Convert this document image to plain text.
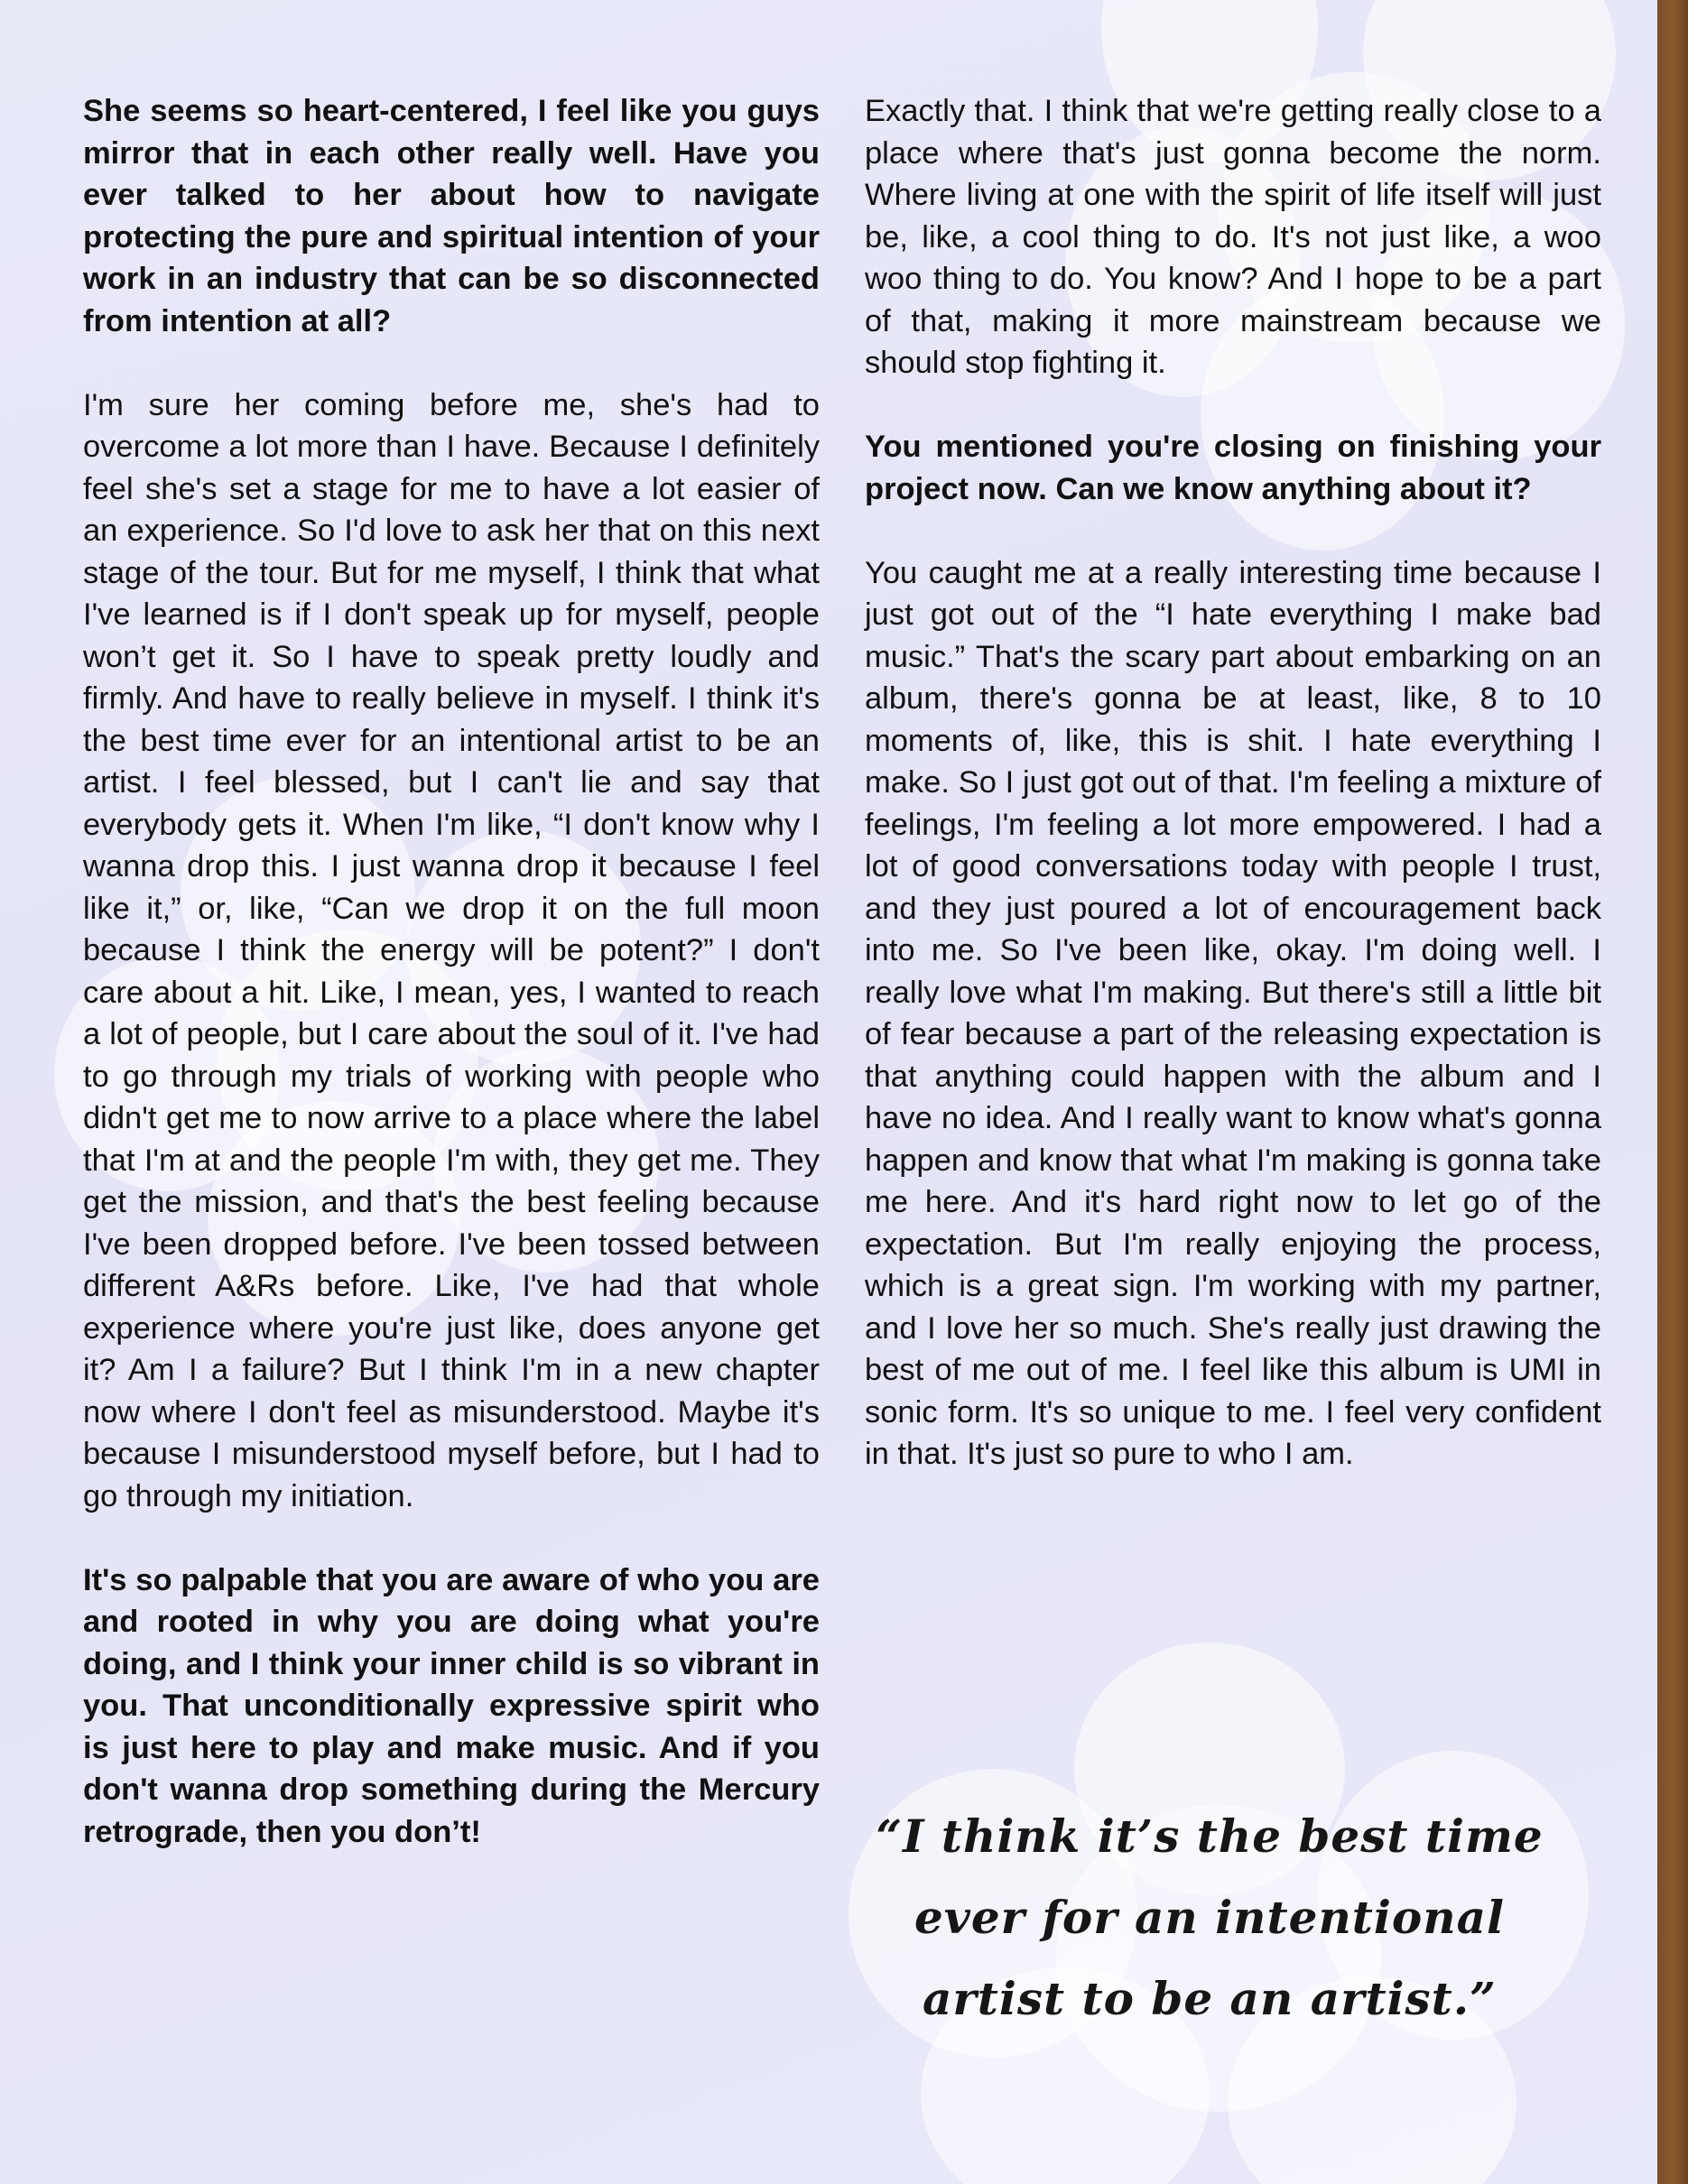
She seems so heart-centered, I feel like you guys mirror that in each other really well. Have you ever talked to her about how to navigate protecting the pure and spiritual intention of your work in an industry that can be so disconnected from intention at all?

I'm sure her coming before me, she's had to overcome a lot more than I have. Because I definitely feel she's set a stage for me to have a lot easier of an experience. So I'd love to ask her that on this next stage of the tour. But for me myself, I think that what I've learned is if I don't speak up for myself, people won’t get it. So I have to speak pretty loudly and firmly. And have to really believe in myself. I think it's the best time ever for an intentional artist to be an artist. I feel blessed, but I can't lie and say that everybody gets it. When I'm like, “I don't know why I wanna drop this. I just wanna drop it because I feel like it,” or, like, “Can we drop it on the full moon because I think the energy will be potent?” I don't care about a hit. Like, I mean, yes, I wanted to reach a lot of people, but I care about the soul of it. I've had to go through my trials of working with people who didn't get me to now arrive to a place where the label that I'm at and the people I'm with, they get me. They get the mission, and that's the best feeling because I've been dropped before. I've been tossed between different A&Rs before. Like, I've had that whole experience where you're just like, does anyone get it? Am I a failure? But I think I'm in a new chapter now where I don't feel as misunderstood. Maybe it's because I misunderstood myself before, but I had to go through my initiation.

It's so palpable that you are aware of who you are and rooted in why you are doing what you're doing, and I think your inner child is so vibrant in you. That unconditionally expressive spirit who is just here to play and make music. And if you don't wanna drop something during the Mercury retrograde, then you don’t!

Exactly that. I think that we're getting really close to a place where that's just gonna become the norm. Where living at one with the spirit of life itself will just be, like, a cool thing to do. It's not just like, a woo woo thing to do. You know? And I hope to be a part of that, making it more mainstream because we should stop fighting it.

You mentioned you're closing on finishing your project now. Can we know anything about it?

You caught me at a really interesting time because I just got out of the “I hate everything I make bad music.” That's the scary part about embarking on an album, there's gonna be at least, like, 8 to 10 moments of, like, this is shit. I hate everything I make. So I just got out of that. I'm feeling a mixture of feelings, I'm feeling a lot more empowered. I had a lot of good conversations today with people I trust, and they just poured a lot of encouragement back into me. So I've been like, okay. I'm doing well. I really love what I'm making. But there's still a little bit of fear because a part of the releasing expectation is that anything could happen with the album and I have no idea. And I really want to know what's gonna happen and know that what I'm making is gonna take me here. And it's hard right now to let go of the expectation. But I'm really enjoying the process, which is a great sign. I'm working with my partner, and I love her so much. She's really just drawing the best of me out of me. I feel like this album is UMI in sonic form. It's so unique to me. I feel very confident in that. It's just so pure to who I am.

“I think it’s the best time
ever for an intentional
artist to be an artist.”
